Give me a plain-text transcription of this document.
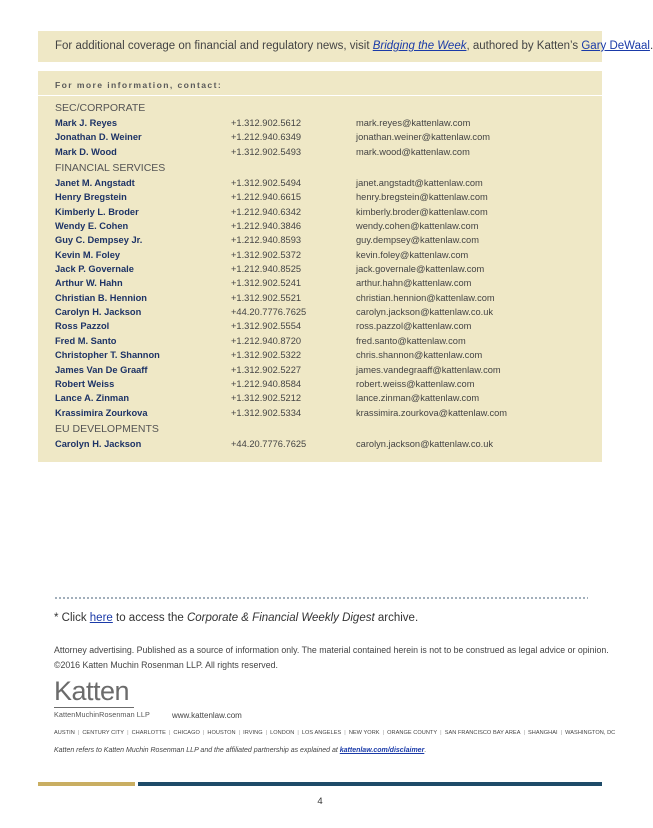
For additional coverage on financial and regulatory news, visit Bridging the Week, authored by Katten’s Gary DeWaal.
For more information, contact:
SEC/CORPORATE
Mark J. Reyes	+1.312.902.5612	mark.reyes@kattenlaw.com
Jonathan D. Weiner	+1.212.940.6349	jonathan.weiner@kattenlaw.com
Mark D. Wood	+1.312.902.5493	mark.wood@kattenlaw.com
FINANCIAL SERVICES
Janet M. Angstadt	+1.312.902.5494	janet.angstadt@kattenlaw.com
Henry Bregstein	+1.212.940.6615	henry.bregstein@kattenlaw.com
Kimberly L. Broder	+1.212.940.6342	kimberly.broder@kattenlaw.com
Wendy E. Cohen	+1.212.940.3846	wendy.cohen@kattenlaw.com
Guy C. Dempsey Jr.	+1.212.940.8593	guy.dempsey@kattenlaw.com
Kevin M. Foley	+1.312.902.5372	kevin.foley@kattenlaw.com
Jack P. Governale	+1.212.940.8525	jack.governale@kattenlaw.com
Arthur W. Hahn	+1.312.902.5241	arthur.hahn@kattenlaw.com
Christian B. Hennion	+1.312.902.5521	christian.hennion@kattenlaw.com
Carolyn H. Jackson	+44.20.7776.7625	carolyn.jackson@kattenlaw.co.uk
Ross Pazzol	+1.312.902.5554	ross.pazzol@kattenlaw.com
Fred M. Santo	+1.212.940.8720	fred.santo@kattenlaw.com
Christopher T. Shannon	+1.312.902.5322	chris.shannon@kattenlaw.com
James Van De Graaff	+1.312.902.5227	james.vandegraaff@kattenlaw.com
Robert Weiss	+1.212.940.8584	robert.weiss@kattenlaw.com
Lance A. Zinman	+1.312.902.5212	lance.zinman@kattenlaw.com
Krassimira Zourkova	+1.312.902.5334	krassimira.zourkova@kattenlaw.com
EU DEVELOPMENTS
Carolyn H. Jackson	+44.20.7776.7625	carolyn.jackson@kattenlaw.co.uk
* Click here to access the Corporate & Financial Weekly Digest archive.
Attorney advertising. Published as a source of information only. The material contained herein is not to be construed as legal advice or opinion.
©2016 Katten Muchin Rosenman LLP. All rights reserved.
Katten
KattenMuchinRosenman LLP	www.kattenlaw.com
AUSTIN | CENTURY CITY | CHARLOTTE | CHICAGO | HOUSTON | IRVING | LONDON | LOS ANGELES | NEW YORK | ORANGE COUNTY | SAN FRANCISCO BAY AREA | SHANGHAI | WASHINGTON, DC
Katten refers to Katten Muchin Rosenman LLP and the affiliated partnership as explained at kattenlaw.com/disclaimer.
4
